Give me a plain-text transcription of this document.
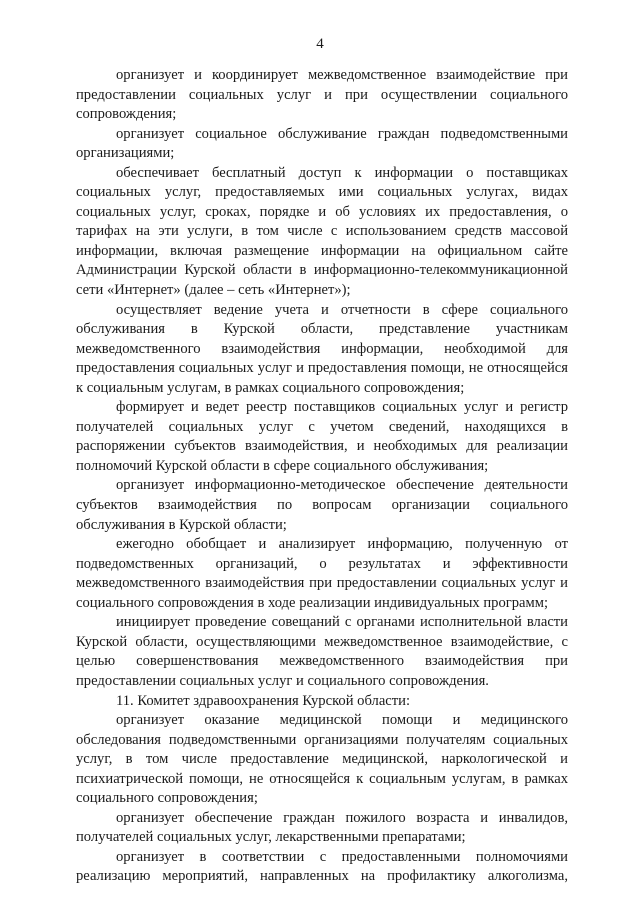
4

организует и координирует межведомственное взаимодействие при предоставлении социальных услуг и при осуществлении социального сопровождения;

организует социальное обслуживание граждан подведомственными организациями;

обеспечивает бесплатный доступ к информации о поставщиках социальных услуг, предоставляемых ими социальных услугах, видах социальных услуг, сроках, порядке и об условиях их предоставления, о тарифах на эти услуги, в том числе с использованием средств массовой информации, включая размещение информации на официальном сайте Администрации Курской области в информационно-телекоммуникационной сети «Интернет» (далее – сеть «Интернет»);

осуществляет ведение учета и отчетности в сфере социального обслуживания в Курской области, представление участникам межведомственного взаимодействия информации, необходимой для предоставления социальных услуг и предоставления помощи, не относящейся к социальным услугам, в рамках социального сопровождения;

формирует и ведет реестр поставщиков социальных услуг и регистр получателей социальных услуг с учетом сведений, находящихся в распоряжении субъектов взаимодействия, и необходимых для реализации полномочий Курской области в сфере социального обслуживания;

организует информационно-методическое обеспечение деятельности субъектов взаимодействия по вопросам организации социального обслуживания в Курской области;

ежегодно обобщает и анализирует информацию, полученную от подведомственных организаций, о результатах и эффективности межведомственного взаимодействия при предоставлении социальных услуг и социального сопровождения в ходе реализации индивидуальных программ;

инициирует проведение совещаний с органами исполнительной власти Курской области, осуществляющими межведомственное взаимодействие, с целью совершенствования межведомственного взаимодействия при предоставлении социальных услуг и социального сопровождения.

11. Комитет здравоохранения Курской области:

организует оказание медицинской помощи и медицинского обследования подведомственными организациями получателям социальных услуг, в том числе предоставление медицинской, наркологической и психиатрической помощи, не относящейся к социальным услугам, в рамках социального сопровождения;

организует обеспечение граждан пожилого возраста и инвалидов, получателей социальных услуг, лекарственными препаратами;

организует в соответствии с предоставленными полномочиями реализацию мероприятий, направленных на профилактику алкоголизма,
